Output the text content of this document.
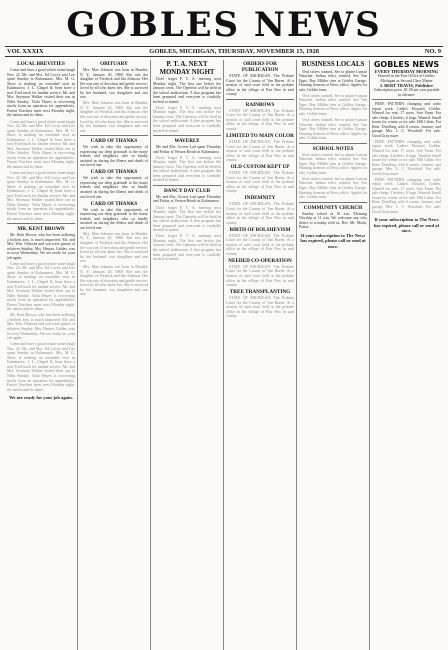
GOBLES NEWS
VOL XXXIX	GOBLES, MICHIGAN, THURSDAY, NOVEMBER 15, 1928	NO. 9
LOCAL BREVITIES

Come and have a good whole some laugh Nov. 22. Mr. and Mrs. Ed Covey and Leo spent Sunday in Kalamazoo. Mrs. M. G. Skow is making an extended visit in Kalamazoo. J. L. Chapel & Sons have a new Ford truck for lumber service. Mr. and Mrs. Seymour Walker visited their son in Niles Sunday. Viola Hayes is recovering nicely from an operation for appendicitis. Parent Teachers meet next Monday night, the nation and its ideas.

Come and have a good whole some laugh Nov. 22. Mr. and Mrs. Ed Covey and Leo spent Sunday in Kalamazoo. Mrs. M. G. Skow is making an extended visit in Kalamazoo. J. L. Chapel & Sons have a new Ford truck for lumber service. Mr. and Mrs. Seymour Walker visited their son in Niles Sunday. Viola Hayes is recovering nicely from an operation for appendicitis. Parent Teachers meet next Monday night, the nation and its ideas.

Come and have a good whole some laugh Nov. 22. Mr. and Mrs. Ed Covey and Leo spent Sunday in Kalamazoo. Mrs. M. G. Skow is making an extended visit in Kalamazoo. J. L. Chapel & Sons have a new Ford truck for lumber service. Mr. and Mrs. Seymour Walker visited their son in Niles Sunday. Viola Hayes is recovering nicely from an operation for appendicitis. Parent Teachers meet next Monday night, the nation and its ideas.

MR. KENT BROWN

Mr. Kent Brown, who has been suffering a broken arm, is much improved. Mr. and Mrs. Wm. Osborne and son were guests of relatives Sunday. Mrs. Hauser, Gobles, was in town Wednesday. We are ready for your job again.

Come and have a good whole some laugh Nov. 22. Mr. and Mrs. Ed Covey and Leo spent Sunday in Kalamazoo. Mrs. M. G. Skow is making an extended visit in Kalamazoo. J. L. Chapel & Sons have a new Ford truck for lumber service. Mr. and Mrs. Seymour Walker visited their son in Niles Sunday. Viola Hayes is recovering nicely from an operation for appendicitis. Parent Teachers meet next Monday night, the nation and its ideas.

Mr. Kent Brown, who has been suffering a broken arm, is much improved. Mr. and Mrs. Wm. Osborne and son were guests of relatives Sunday. Mrs. Hauser, Gobles, was in town Wednesday. We are ready for your job again.

Come and have a good whole some laugh Nov. 22. Mr. and Mrs. Ed Covey and Leo spent Sunday in Kalamazoo. Mrs. M. G. Skow is making an extended visit in Kalamazoo. J. L. Chapel & Sons have a new Ford truck for lumber service. Mr. and Mrs. Seymour Walker visited their son in Niles Sunday. Viola Hayes is recovering nicely from an operation for appendicitis. Parent Teachers meet next Monday night, the nation and its ideas.

We are ready for your job again.
OBITUARY

Mrs. Mae Johnson was born in Hamlin, N. Y., January 20, 1868. She was the daughter of Fredrick and Ida Johnson. Her life was one of devotion and gentle service, loved by all who knew her. She is survived by her husband, two daughters and one son.

Mrs. Mae Johnson was born in Hamlin, N. Y., January 20, 1868. She was the daughter of Fredrick and Ida Johnson. Her life was one of devotion and gentle service, loved by all who knew her. She is survived by her husband, two daughters and one son.

CARD OF THANKS

We wish to take this opportunity of expressing our deep gratitude to the many friends and neighbors who so kindly assisted us during the illness and death of our loved one.

CARD OF THANKS

We wish to take this opportunity of expressing our deep gratitude to the many friends and neighbors who so kindly assisted us during the illness and death of our loved one.

CARD OF THANKS

We wish to take this opportunity of expressing our deep gratitude to the many friends and neighbors who so kindly assisted us during the illness and death of our loved one.

Mrs. Mae Johnson was born in Hamlin, N. Y., January 20, 1868. She was the daughter of Fredrick and Ida Johnson. Her life was one of devotion and gentle service, loved by all who knew her. She is survived by her husband, two daughters and one son.

Mrs. Mae Johnson was born in Hamlin, N. Y., January 20, 1868. She was the daughter of Fredrick and Ida Johnson. Her life was one of devotion and gentle service, loved by all who knew her. She is survived by her husband, two daughters and one son.

P. T. A. NEXT MONDAY NIGHT

Don't forget P. T. A. meeting next Monday night. The first one before the January term. The Operetta will be held in the school auditorium. A fine program has been prepared and everyone is cordially invited to attend.

Don't forget P. T. A. meeting next Monday night. The first one before the January term. The Operetta will be held in the school auditorium. A fine program has been prepared and everyone is cordially invited to attend.

WAVERLY

Mr. and Mrs. Grover Latt spent Thursday and Friday at Vernon Beach in Kalamazoo.

Don't forget P. T. A. meeting next Monday night. The first one before the January term. The Operetta will be held in the school auditorium. A fine program has been prepared and everyone is cordially invited to attend.

DANCY DAY CLUB

Mr. and Mrs. Grover Latt spent Thursday and Friday at Vernon Beach in Kalamazoo.

Don't forget P. T. A. meeting next Monday night. The first one before the January term. The Operetta will be held in the school auditorium. A fine program has been prepared and everyone is cordially invited to attend.

Don't forget P. T. A. meeting next Monday night. The first one before the January term. The Operetta will be held in the school auditorium. A fine program has been prepared and everyone is cordially invited to attend.

ORDERS FOR PUBLICATION

STATE OF MICHIGAN, The Probate Court for the County of Van Buren. At a session of said court held at the probate office in the village of Paw Paw in said county.

RAINBOWS

STATE OF MICHIGAN, The Probate Court for the County of Van Buren. At a session of said court held at the probate office in the village of Paw Paw in said county.

LIMITED TO MAIN COLOR

STATE OF MICHIGAN, The Probate Court for the County of Van Buren. At a session of said court held at the probate office in the village of Paw Paw in said county.

OLD CUSTOM KEPT UP

STATE OF MICHIGAN, The Probate Court for the County of Van Buren. At a session of said court held at the probate office in the village of Paw Paw in said county.

INDEMNITY

STATE OF MICHIGAN, The Probate Court for the County of Van Buren. At a session of said court held at the probate office in the village of Paw Paw in said county.

BIRTH OF BOLSHEVISM

STATE OF MICHIGAN, The Probate Court for the County of Van Buren. At a session of said court held at the probate office in the village of Paw Paw in said county.

NEEDED CO-OPERATION

STATE OF MICHIGAN, The Probate Court for the County of Van Buren. At a session of said court held at the probate office in the village of Paw Paw in said county.

TREE TRANSPLANTING

STATE OF MICHIGAN, The Probate Court for the County of Van Buren. At a session of said court held at the probate office in the village of Paw Paw in said county.

BUSINESS LOCALS

Veal calves wanted. See or phone Lyman Wauchet. Indian relics wanted. See Van Epps. Buy Milder tires at Gobles Garage. Hunting licenses at News office. Apples for sale, Gobles farm.

Veal calves wanted. See or phone Lyman Wauchet. Indian relics wanted. See Van Epps. Buy Milder tires at Gobles Garage. Hunting licenses at News office. Apples for sale, Gobles farm.

Veal calves wanted. See or phone Lyman Wauchet. Indian relics wanted. See Van Epps. Buy Milder tires at Gobles Garage. Hunting licenses at News office. Apples for sale, Gobles farm.

SCHOOL NOTES

Veal calves wanted. See or phone Lyman Wauchet. Indian relics wanted. See Van Epps. Buy Milder tires at Gobles Garage. Hunting licenses at News office. Apples for sale, Gobles farm.

Veal calves wanted. See or phone Lyman Wauchet. Indian relics wanted. See Van Epps. Buy Milder tires at Gobles Garage. Hunting licenses at News office. Apples for sale, Gobles farm.

COMMUNITY CHURCH

Sunday school at 10 a.m. Morning Worship at 11 a.m. We welcome any who desire to worship with us. Rev. Mr. Monk, Pastor.

If your subscription to The News has expired, please call or send at once.
GOBLES NEWS
EVERY THURSDAY MORNING
Entered in the Post Office at Gobles, Michigan as Second Class Matter
J. BERT TRAVIS, Publisher
Subscription price, $1.50 per year payable in advance

FREE PATTERN changing and radio repair work. Ladies' Howard, Gobles. Wanted for rent: 17 acres. Swe Farm. For sale cheap: 2 heifers, 6 hogs. Wanted: Small house for winter or for sale. Hill Cabin. For Rent: Dwelling with 6 rooms, furnace, and garage. Mrs. L. C. Woodruff. For sale: Good Gray mare.

FREE PATTERN changing and radio repair work. Ladies' Howard, Gobles. Wanted for rent: 17 acres. Swe Farm. For sale cheap: 2 heifers, 6 hogs. Wanted: Small house for winter or for sale. Hill Cabin. For Rent: Dwelling with 6 rooms, furnace, and garage. Mrs. L. C. Woodruff. For sale: Good Gray mare.

FREE PATTERN changing and radio repair work. Ladies' Howard, Gobles. Wanted for rent: 17 acres. Swe Farm. For sale cheap: 2 heifers, 6 hogs. Wanted: Small house for winter or for sale. Hill Cabin. For Rent: Dwelling with 6 rooms, furnace, and garage. Mrs. L. C. Woodruff. For sale: Good Gray mare.

If your subscription to The News has expired, please call or send at once.
